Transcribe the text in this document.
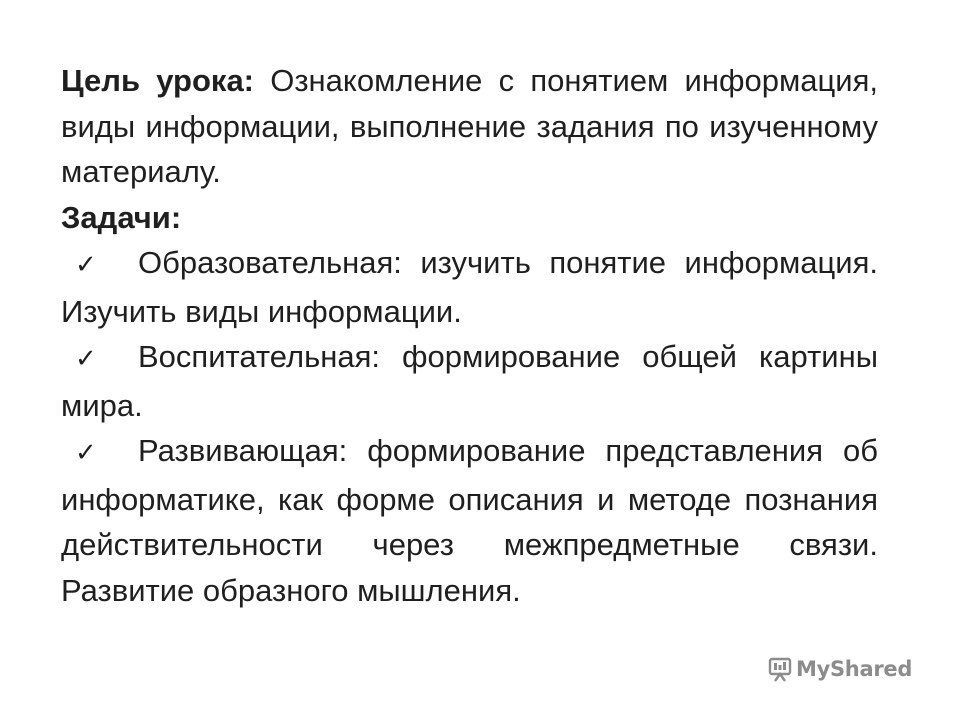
Цель урока: Ознакомление с понятием информация, виды информации, выполнение задания по изученному материалу.

Задачи:

✓ Образовательная: изучить понятие информация. Изучить виды информации.

✓ Воспитательная: формирование общей картины мира.

✓ Развивающая: формирование представления об информатике, как форме описания и методе познания действительности через межпредметные связи. Развитие образного мышления.

MyShared
